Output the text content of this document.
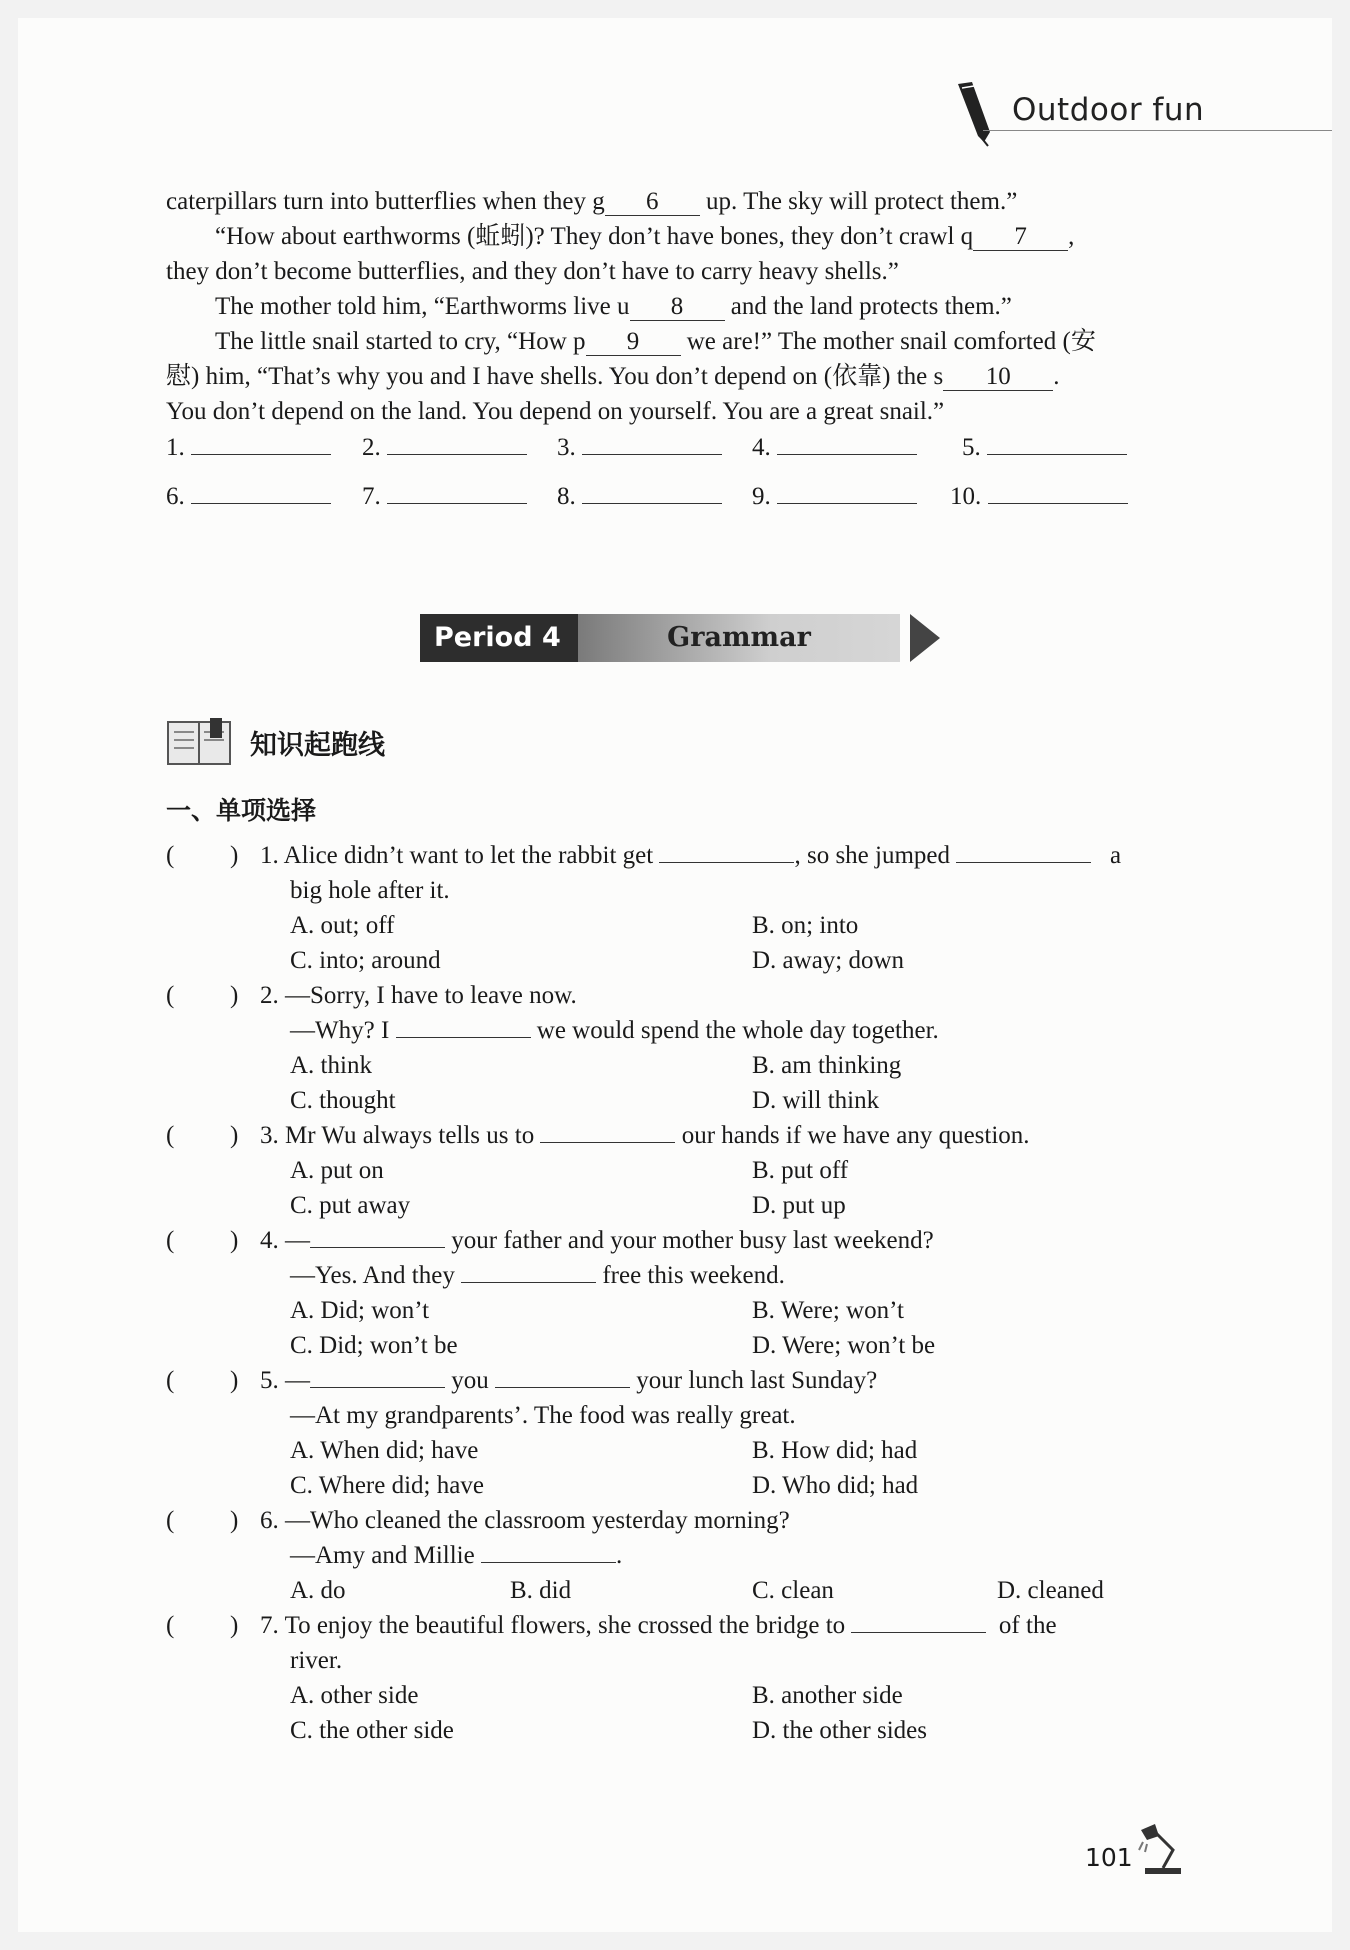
Outdoor fun
caterpillars turn into butterflies when they g 6 up. The sky will protect them.”
“How about earthworms (蚯蚓)? They don’t have bones, they don’t crawl q 7 ,
they don’t become butterflies, and they don’t have to carry heavy shells.”
The mother told him, “Earthworms live u 8 and the land protects them.”
The little snail started to cry, “How p 9 we are!” The mother snail comforted (安
慰) him, “That’s why you and I have shells. You don’t depend on (依靠) the s 10 .
You don’t depend on the land. You depend on yourself. You are a great snail.”
1.	2.	3.	4.	5.
6.	7.	8.	9.	10.
Period 4	Grammar
知识起跑线
一、单项选择
( ) 1. Alice didn’t want to let the rabbit get	, so she jumped	a
big hole after it.
A. out; off	B. on; into
C. into; around	D. away; down
( ) 2. —Sorry, I have to leave now.
—Why? I	we would spend the whole day together.
A. think	B. am thinking
C. thought	D. will think
( ) 3. Mr Wu always tells us to	our hands if we have any question.
A. put on	B. put off
C. put away	D. put up
( ) 4. —	your father and your mother busy last weekend?
—Yes. And they	free this weekend.
A. Did; won’t	B. Were; won’t
C. Did; won’t be	D. Were; won’t be
( ) 5. —	you	your lunch last Sunday?
—At my grandparents’. The food was really great.
A. When did; have	B. How did; had
C. Where did; have	D. Who did; had
( ) 6. —Who cleaned the classroom yesterday morning?
—Amy and Millie	.
A. do	B. did	C. clean	D. cleaned
( ) 7. To enjoy the beautiful flowers, she crossed the bridge to	of the
river.
A. other side	B. another side
C. the other side	D. the other sides
101
